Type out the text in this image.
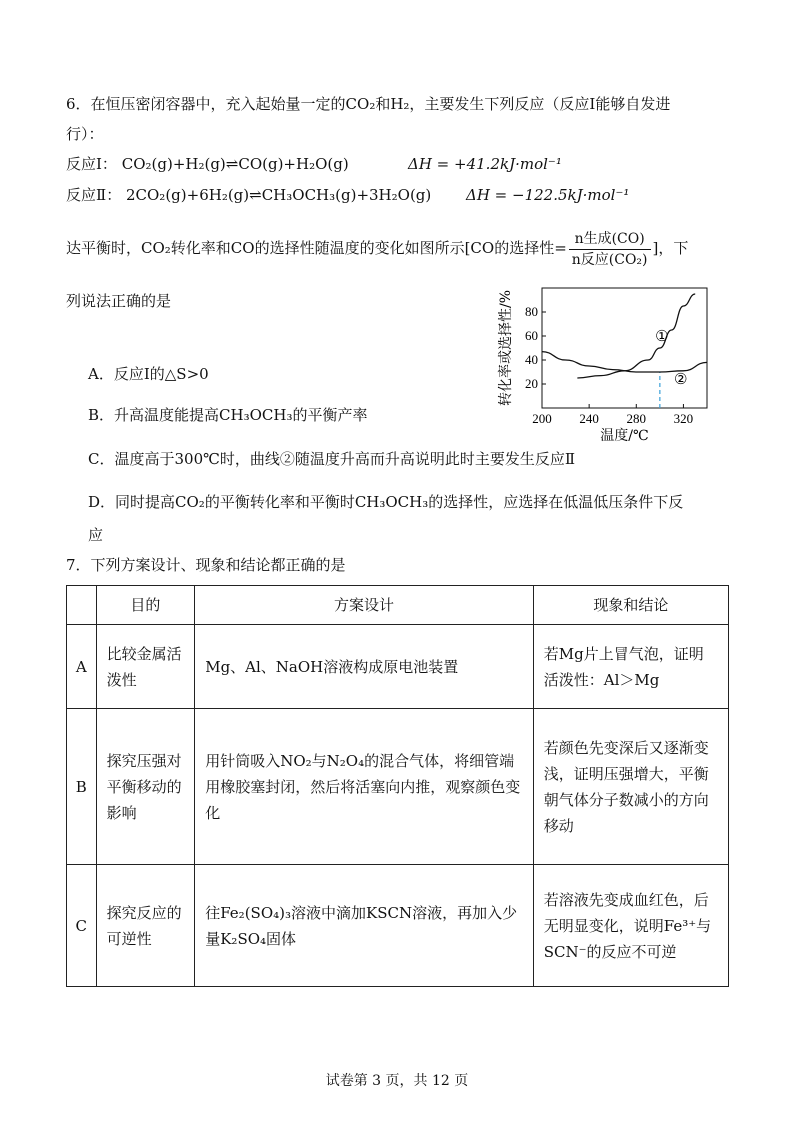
6．在恒压密闭容器中，充入起始量一定的CO₂和H₂，主要发生下列反应（反应Ⅰ能够自发进
行）：
反应Ⅰ： CO₂(g)+H₂(g)⇌CO(g)+H₂O(g)	ΔH = +41.2kJ·mol⁻¹
反应Ⅱ： 2CO₂(g)+6H₂(g)⇌CH₃OCH₃(g)+3H₂O(g) ΔH = −122.5kJ·mol⁻¹
达平衡时，CO₂转化率和CO的选择性随温度的变化如图所示[CO的选择性= $\frac{\text{n生成(CO)}}{\text{n反应(CO₂)}}$ ]，下
列说法正确的是
200 240 280 320
20
40
60
80
①
②
温度/℃
转化率或选择性/%
A．反应Ⅰ的△S>0
B．升高温度能提高CH₃OCH₃的平衡产率
C．温度高于300℃时，曲线②随温度升高而升高说明此时主要发生反应Ⅱ
D．同时提高CO₂的平衡转化率和平衡时CH₃OCH₃的选择性，应选择在低温低压条件下反
应
7．下列方案设计、现象和结论都正确的是
	目的	方案设计	现象和结论
A	比较金属活泼性	Mg、Al、NaOH溶液构成原电池装置	若Mg片上冒气泡，证明活泼性：Al＞Mg
B	探究压强对平衡移动的影响	用针筒吸入NO₂与N₂O₄的混合气体，将细管端用橡胶塞封闭，然后将活塞向内推，观察颜色变化	若颜色先变深后又逐渐变浅，证明压强增大，平衡朝气体分子数减小的方向移动
C	探究反应的可逆性	往Fe₂(SO₄)₃溶液中滴加KSCN溶液，再加入少量K₂SO₄固体	若溶液先变成血红色，后无明显变化，说明Fe³⁺与SCN⁻的反应不可逆
试卷第 3 页，共 12 页
